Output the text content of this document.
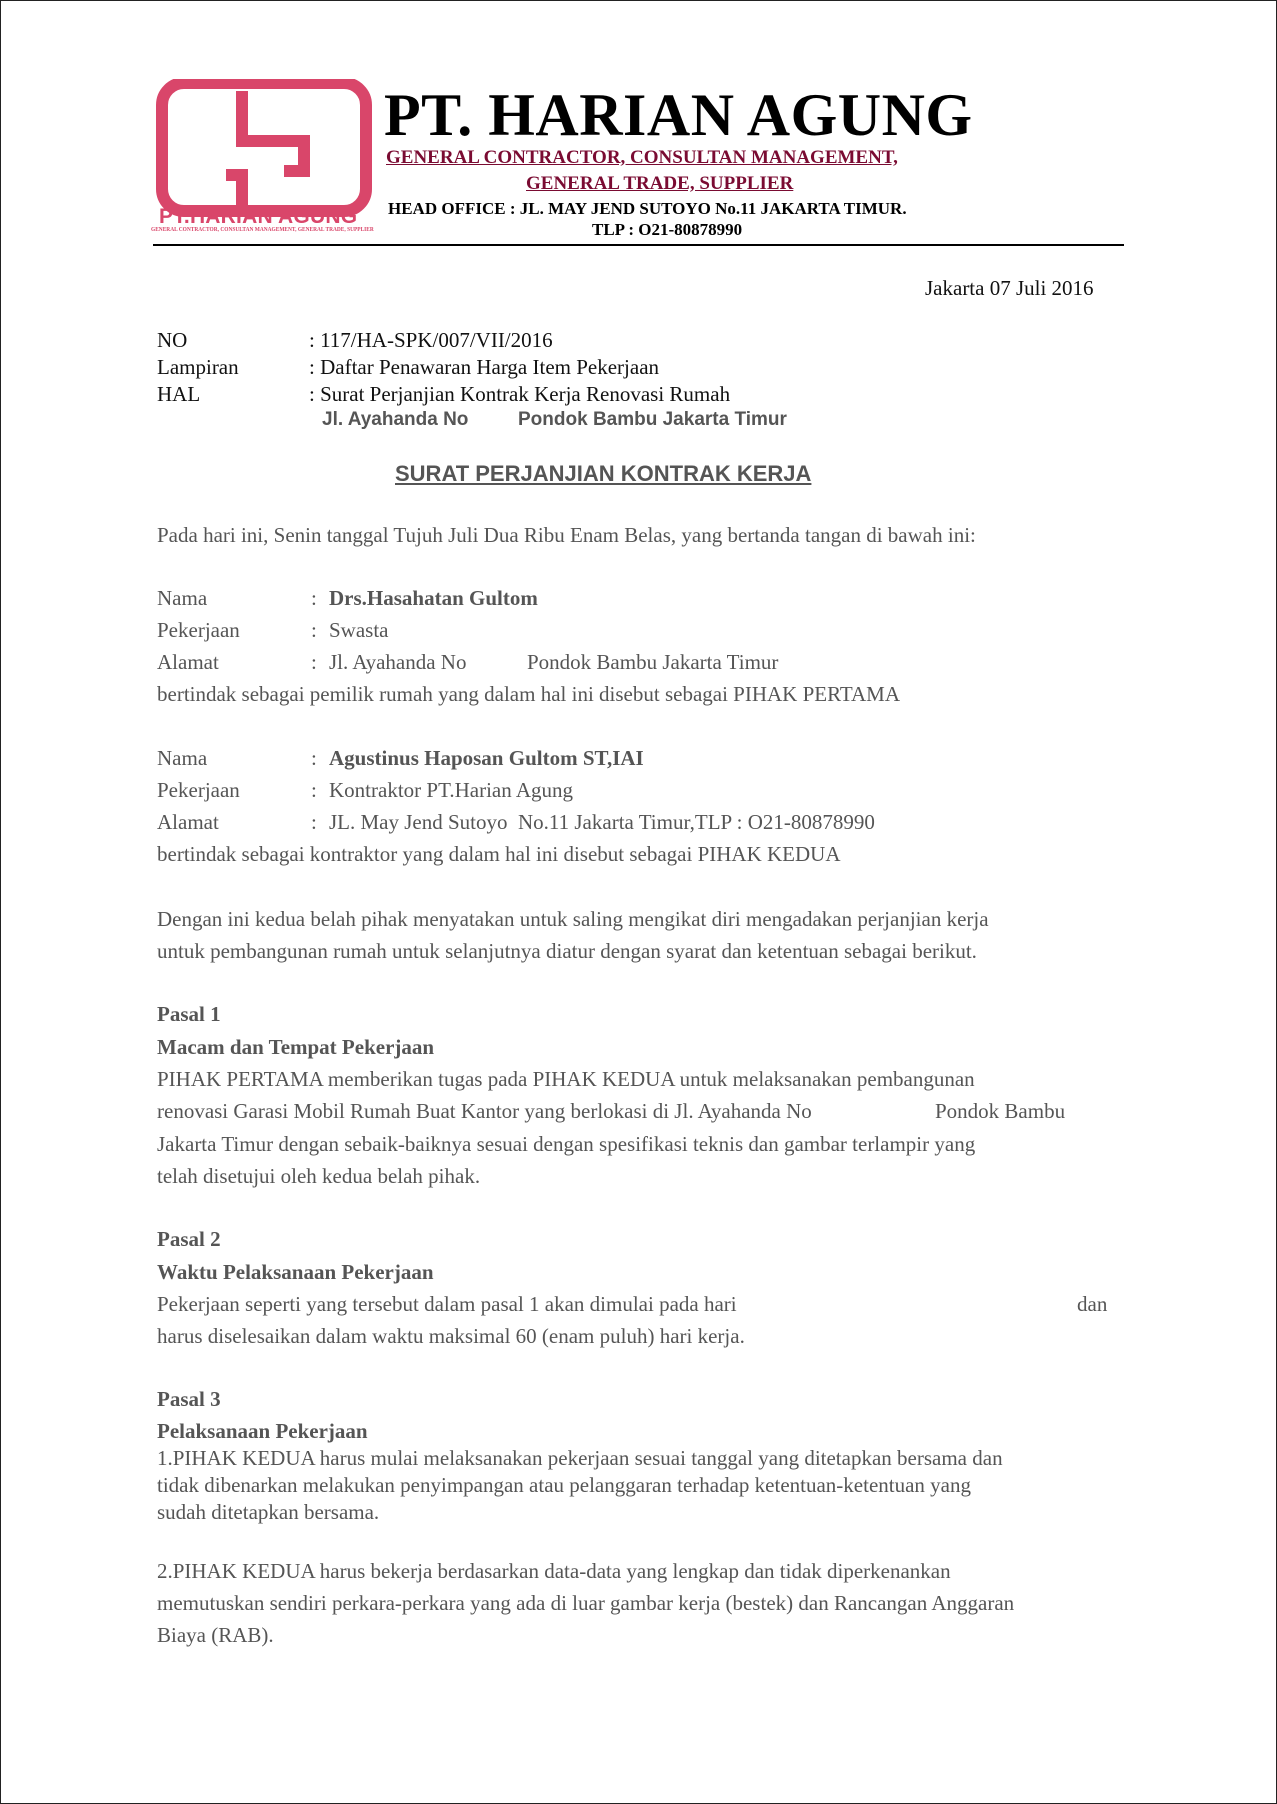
PT.HARIAN AGUNG
GENERAL CONTRACTOR, CONSULTAN MANAGEMENT, GENERAL TRADE, SUPPLIER
PT. HARIAN AGUNG
GENERAL CONTRACTOR, CONSULTAN MANAGEMENT,
GENERAL TRADE, SUPPLIER
HEAD OFFICE : JL. MAY JEND SUTOYO No.11 JAKARTA TIMUR.
TLP : O21-80878990
Jakarta 07 Juli 2016
NO	: 117/HA-SPK/007/VII/2016
Lampiran	: Daftar Penawaran Harga Item Pekerjaan
HAL	: Surat Perjanjian Kontrak Kerja Renovasi Rumah
Jl. Ayahanda No	Pondok Bambu Jakarta Timur
SURAT PERJANJIAN KONTRAK KERJA
Pada hari ini, Senin tanggal Tujuh Juli Dua Ribu Enam Belas, yang bertanda tangan di bawah ini:
Nama	: Drs.Hasahatan Gultom
Pekerjaan	: Swasta
Alamat	: Jl. Ayahanda No	Pondok Bambu Jakarta Timur
bertindak sebagai pemilik rumah yang dalam hal ini disebut sebagai PIHAK PERTAMA
Nama	: Agustinus Haposan Gultom ST,IAI
Pekerjaan	: Kontraktor PT.Harian Agung
Alamat	: JL. May Jend Sutoyo  No.11 Jakarta Timur,TLP : O21-80878990
bertindak sebagai kontraktor yang dalam hal ini disebut sebagai PIHAK KEDUA
Dengan ini kedua belah pihak menyatakan untuk saling mengikat diri mengadakan perjanjian kerja
untuk pembangunan rumah untuk selanjutnya diatur dengan syarat dan ketentuan sebagai berikut.
Pasal 1
Macam dan Tempat Pekerjaan
PIHAK PERTAMA memberikan tugas pada PIHAK KEDUA untuk melaksanakan pembangunan
renovasi Garasi Mobil Rumah Buat Kantor yang berlokasi di Jl. Ayahanda No	Pondok Bambu
Jakarta Timur dengan sebaik-baiknya sesuai dengan spesifikasi teknis dan gambar terlampir yang
telah disetujui oleh kedua belah pihak.
Pasal 2
Waktu Pelaksanaan Pekerjaan
Pekerjaan seperti yang tersebut dalam pasal 1 akan dimulai pada hari	dan
harus diselesaikan dalam waktu maksimal 60 (enam puluh) hari kerja.
Pasal 3
Pelaksanaan Pekerjaan
1.PIHAK KEDUA harus mulai melaksanakan pekerjaan sesuai tanggal yang ditetapkan bersama dan
tidak dibenarkan melakukan penyimpangan atau pelanggaran terhadap ketentuan-ketentuan yang
sudah ditetapkan bersama.
2.PIHAK KEDUA harus bekerja berdasarkan data-data yang lengkap dan tidak diperkenankan
memutuskan sendiri perkara-perkara yang ada di luar gambar kerja (bestek) dan Rancangan Anggaran
Biaya (RAB).
